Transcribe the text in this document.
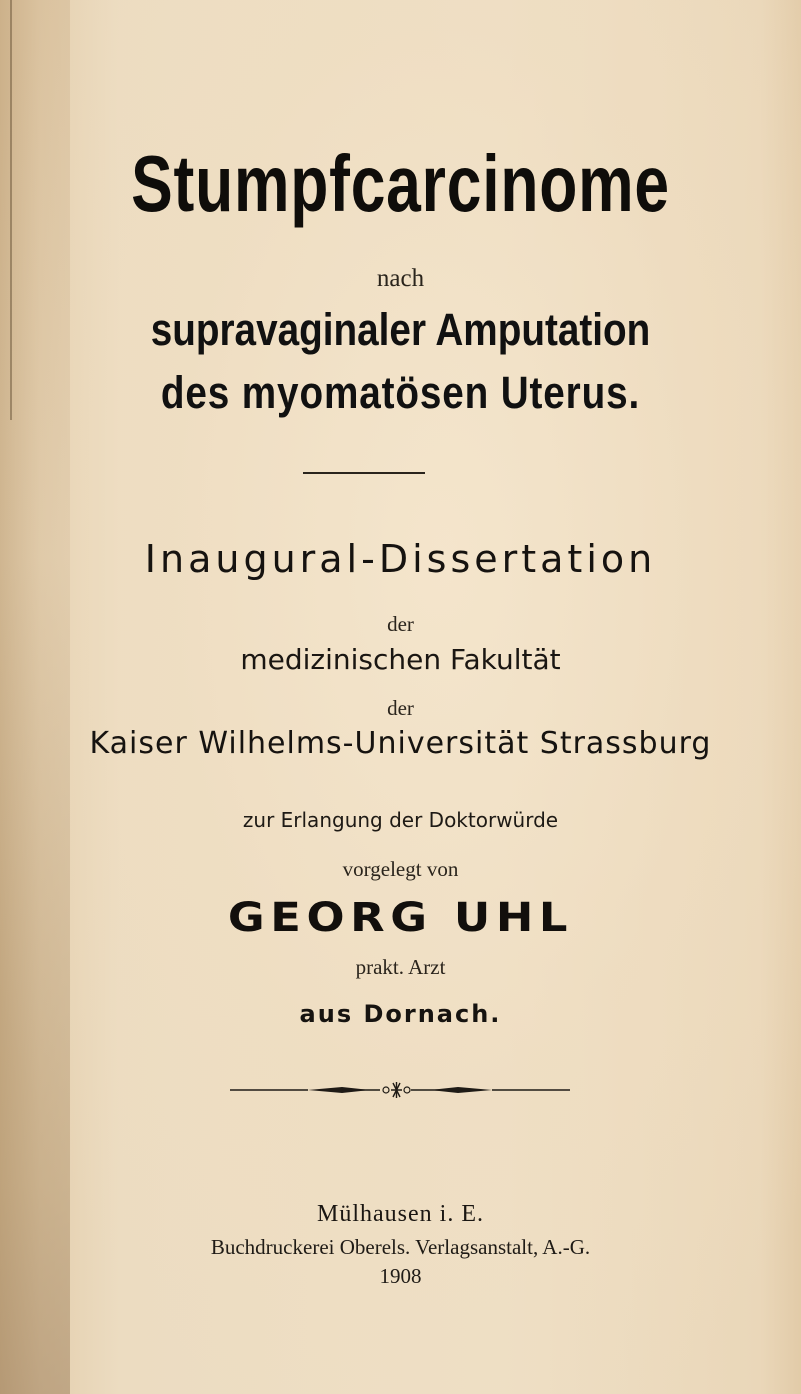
Stumpfcarcinome
nach
supravaginaler Amputation
des myomatösen Uterus.
Inaugural-Dissertation
der
medizinischen Fakultät
der
Kaiser Wilhelms-Universität Strassburg
zur Erlangung der Doktorwürde
vorgelegt von
GEORG UHL
prakt. Arzt
aus Dornach.
Mülhausen i. E.
Buchdruckerei Oberels. Verlagsanstalt, A.-G.
1908
